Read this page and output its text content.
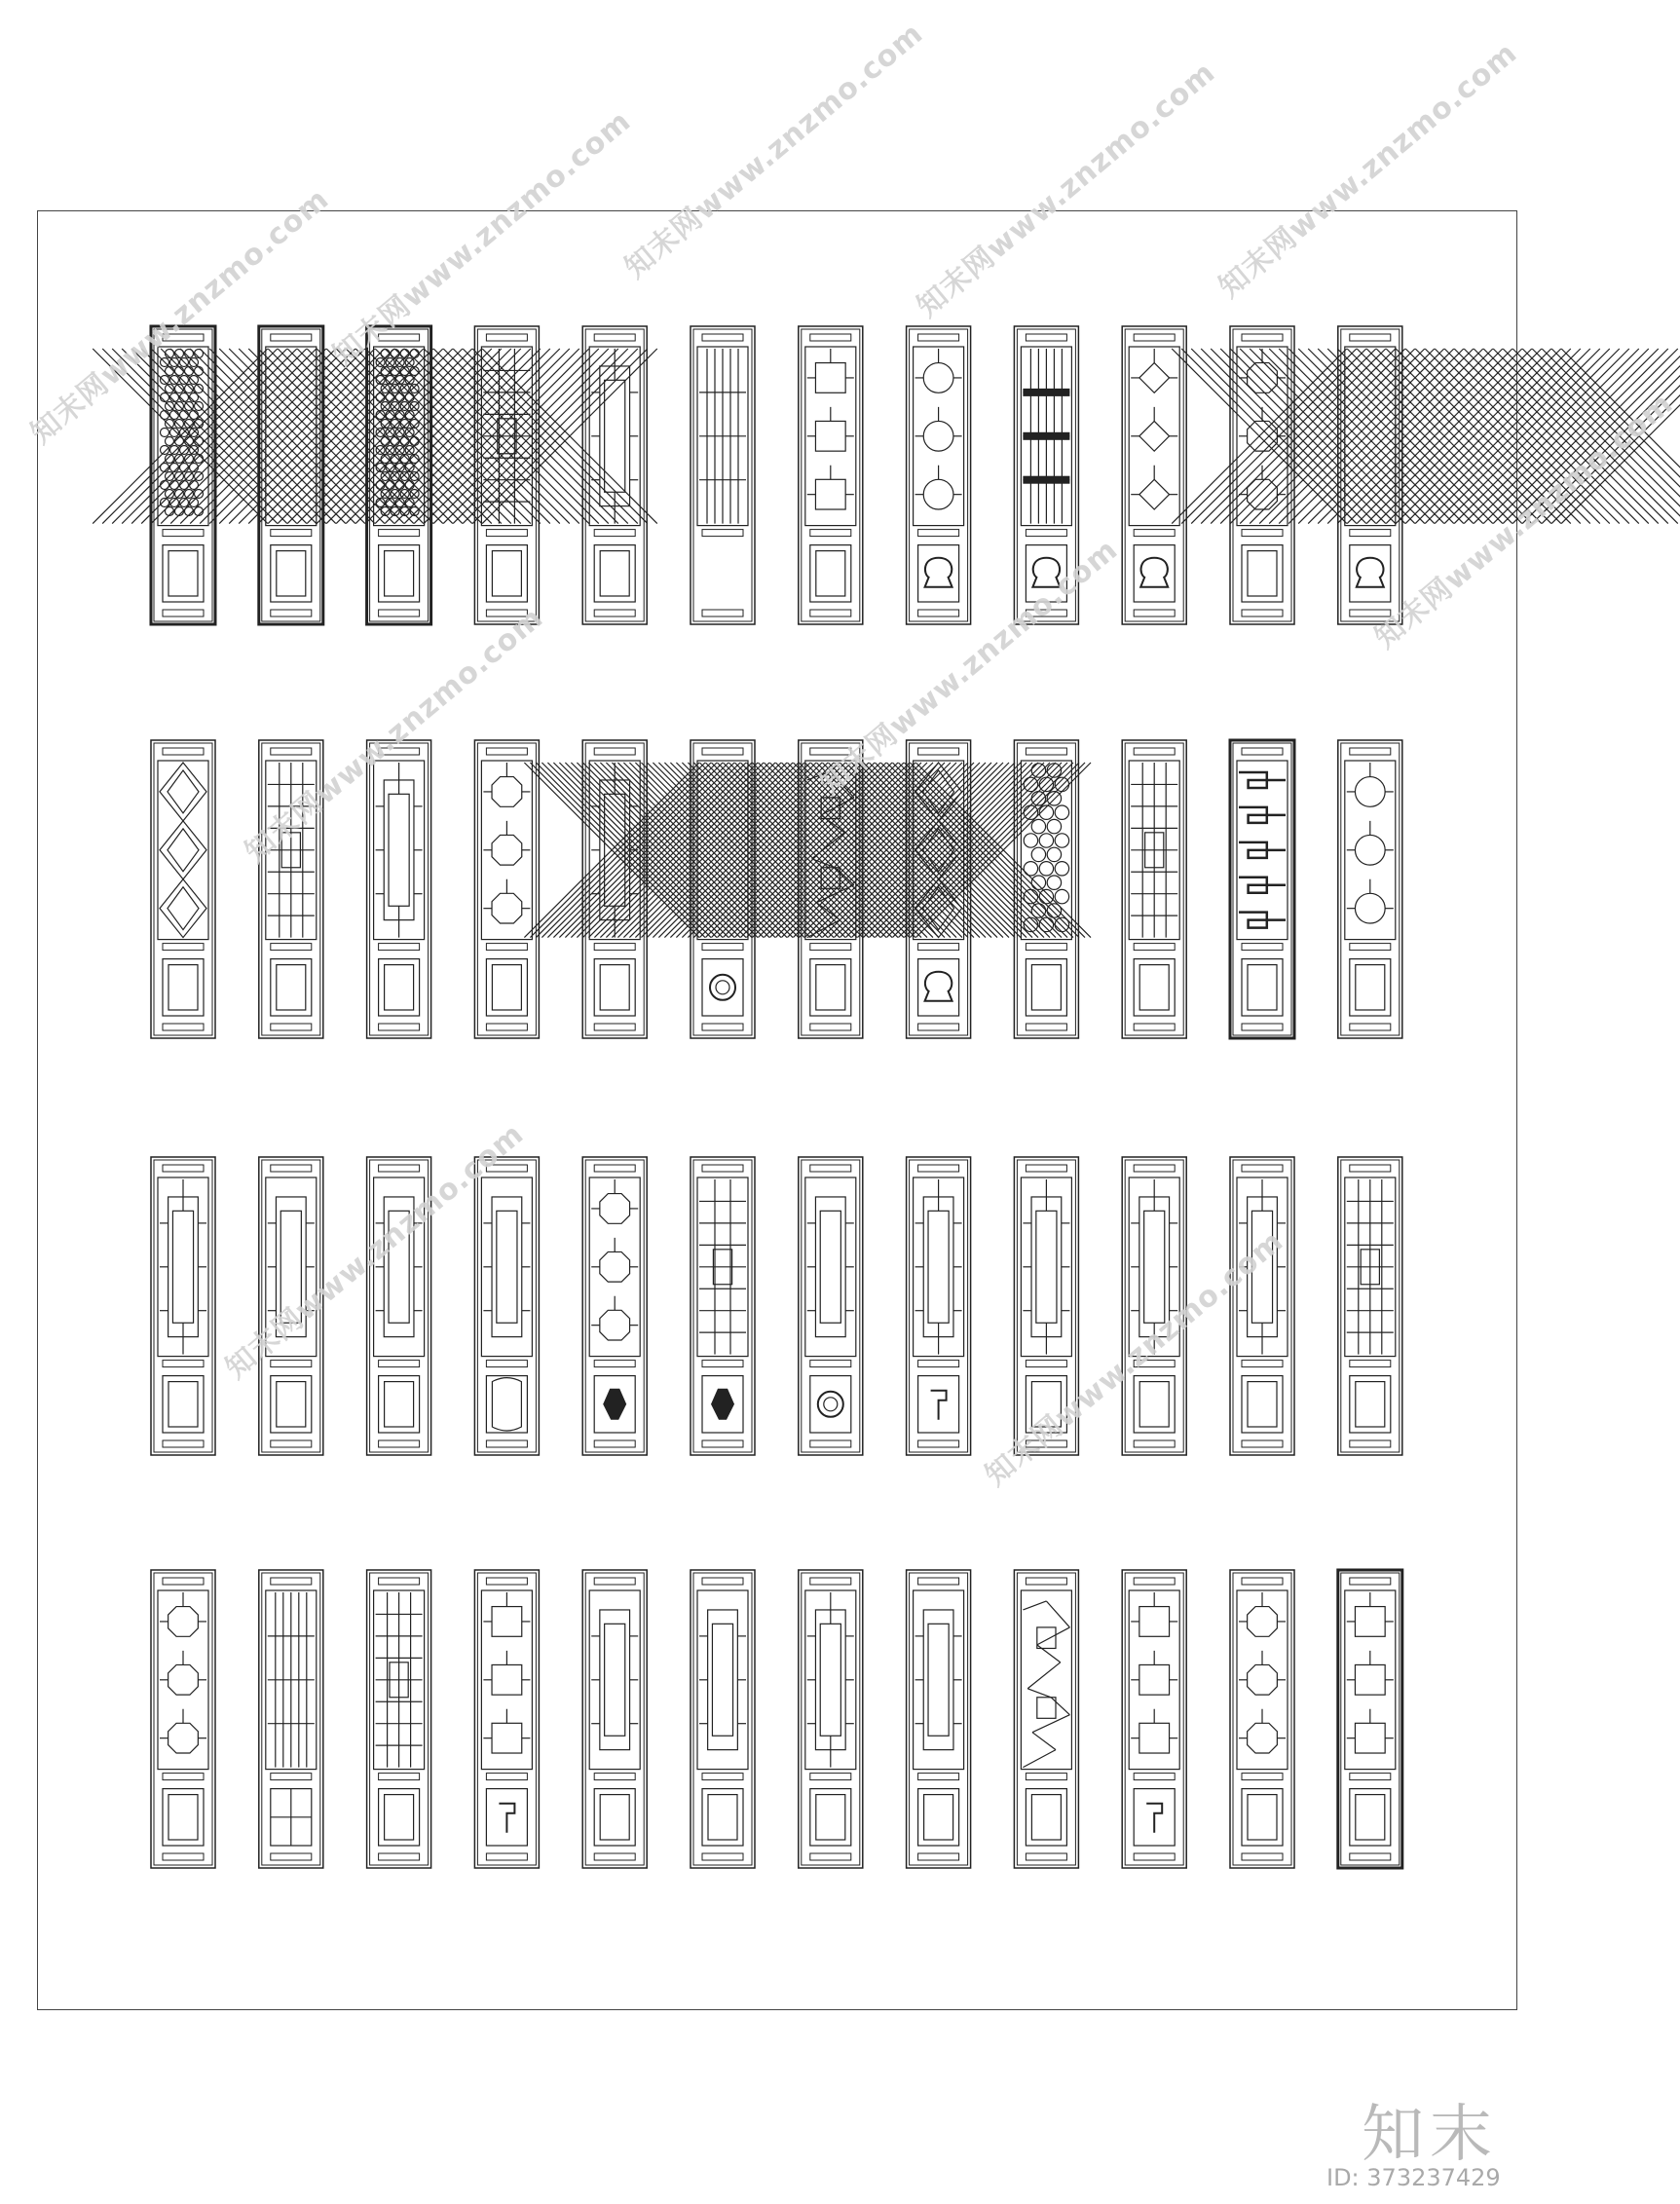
知末网www.znzmo.com
知末网www.znzmo.com
知末网www.znzmo.com
知末网www.znzmo.com
知末网www.znzmo.com
知末网www.znzmo.com	知末网www.znzmo.com
知末网www.znzmo.com
知末网www.znzmo.com	知末网www.znzmo.com
知末
ID: 373237429
